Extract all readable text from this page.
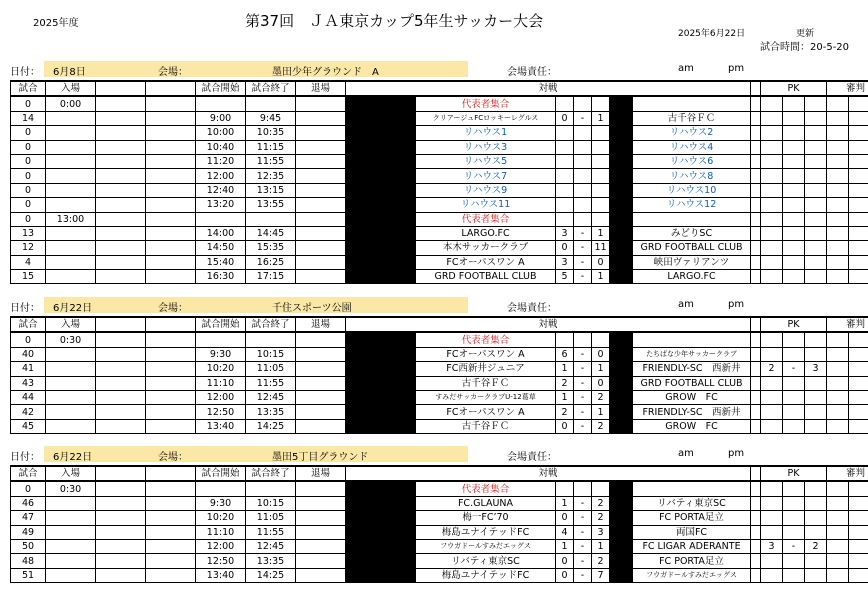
2025年度	第37回　ＪＡ東京カップ5年生サッカー大会
2025年6月22日	更新
試合時間：20-5-20
日付： 6月8日	会場：	墨田少年グラウンド　A	会場責任：	am	pm
試合	入場			試合開始	試合終了	退場	対戦									PK			審判		
0	0:00							代表者集合													
14				9:00	9:45			クリアージュFCロッキーレグルス	0	-	1			古千谷ＦＣ							
0				10:00	10:35			リハウス1						リハウス2							
0				10:40	11:15			リハウス3						リハウス4							
0				11:20	11:55			リハウス5						リハウス6							
0				12:00	12:35			リハウス7						リハウス8							
0				12:40	13:15			リハウス9						リハウス10							
0				13:20	13:55			リハウス11						リハウス12							
0	13:00							代表者集合													
13				14:00	14:45			LARGO.FC	3	-	1			みどりSC							
12				14:50	15:35			本木サッカークラブ	0	-	11			GRD FOOTBALL CLUB							
4				15:40	16:25			FCオーパスワン A	3	-	0			峡田ヴァリアンツ							
15				16:30	17:15			GRD FOOTBALL CLUB	5	-	1			LARGO.FC							
日付： 6月22日	会場：	千住スポーツ公園	会場責任：	am	pm
試合	入場			試合開始	試合終了	退場	対戦									PK			審判		
0	0:30							代表者集合													
40				9:30	10:15			FCオーパスワン A	6	-	0			たちばな少年サッカークラブ							
41				10:20	11:05			FC西新井ジュニア	1	-	1			FRIENDLY-SC　西新井		2	-	3			
43				11:10	11:55			古千谷ＦＣ	2	-	0			GRD FOOTBALL CLUB							
44				12:00	12:45			すみだサッカークラブU-12葛草	1	-	2			GROW　FC							
42				12:50	13:35			FCオーパスワン A	2	-	1			FRIENDLY-SC　西新井							
45				13:40	14:25			古千谷ＦＣ	0	-	2			GROW　FC							
日付： 6月22日	会場：	墨田5丁目グラウンド	会場責任：	am	pm
試合	入場			試合開始	試合終了	退場	対戦									PK			審判		
0	0:30							代表者集合													
46				9:30	10:15			FC.GLAUNA	1	-	2			リバティ東京SC							
47				10:20	11:05			梅一FC’70	0	-	2			FC PORTA足立							
49				11:10	11:55			梅島ユナイテッドFC	4	-	3			両国FC							
50				12:00	12:45			フウガドールすみだエッグス	1	-	1			FC LIGAR ADERANTE		3	-	2			
48				12:50	13:35			リバティ東京SC	0	-	2			FC PORTA足立							
51				13:40	14:25			梅島ユナイテッドFC	0	-	7			フウガドールすみだエッグス							
